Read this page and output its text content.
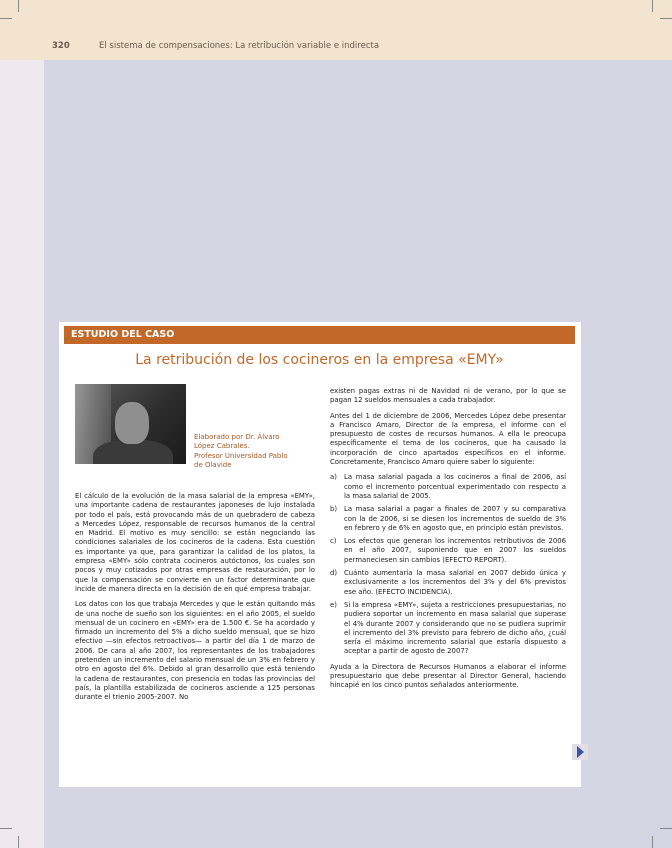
320	El sistema de compensaciones: La retribución variable e indirecta
ESTUDIO DEL CASO
La retribución de los cocineros en la empresa «EMY»
Elaborado por Dr. Álvaro
López Cabrales.
Profesor Universidad Pablo
de Olavide

El cálculo de la evolución de la masa salarial de la empresa «EMY», una importante cadena de restaurantes japoneses de lujo instalada por todo el país, está provocando más de un quebradero de cabeza a Mercedes López, responsable de recursos humanos de la central en Madrid. El motivo es muy sencillo: se están negociando las condiciones salariales de los cocineros de la cadena. Esta cuestión es importante ya que, para garantizar la calidad de los platos, la empresa «EMY» sólo contrata cocineros autóctonos, los cuales son pocos y muy cotizados por otras empresas de restauración, por lo que la compensación se convierte en un factor determinante que incide de manera directa en la decisión de en qué empresa trabajar.

Los datos con los que trabaja Mercedes y que le están quitando más de una noche de sueño son los siguientes: en el año 2005, el sueldo mensual de un cocinero en «EMY» era de 1.500 €. Se ha acordado y firmado un incremento del 5% a dicho sueldo mensual, que se hizo efectivo —sin efectos retroactivos— a partir del día 1 de marzo de 2006. De cara al año 2007, los representantes de los trabajadores pretenden un incremento del salario mensual de un 3% en febrero y otro en agosto del 6%. Debido al gran desarrollo que está teniendo la cadena de restaurantes, con presencia en todas las provincias del país, la plantilla estabilizada de cocineros asciende a 125 personas durante el trienio 2005-2007. No

existen pagas extras ni de Navidad ni de verano, por lo que se pagan 12 sueldos mensuales a cada trabajador.

Antes del 1 de diciembre de 2006, Mercedes López debe presentar a Francisco Amaro, Director de la empresa, el informe con el presupuesto de costes de recursos humanos. A ella le preocupa específicamente el tema de los cocineros, que ha causado la incorporación de cinco apartados específicos en el informe. Concretamente, Francisco Amaro quiere saber lo siguiente:

a) La masa salarial pagada a los cocineros a final de 2006, así como el incremento porcentual experimentado con respecto a la masa salarial de 2005.
b) La masa salarial a pagar a finales de 2007 y su comparativa con la de 2006, si se diesen los incrementos de sueldo de 3% en febrero y de 6% en agosto que, en principio están previstos.
c) Los efectos que generan los incrementos retributivos de 2006 en el año 2007, suponiendo que en 2007 los sueldos permaneciesen sin cambios (EFECTO REPORT).
d) Cuánto aumentaría la masa salarial en 2007 debido única y exclusivamente a los incrementos del 3% y del 6% previstos ese año. (EFECTO INCIDENCIA).
e) Si la empresa «EMY», sujeta a restricciones presupuestarias, no pudiera soportar un incremento en masa salarial que superase el 4% durante 2007 y considerando que no se pudiera suprimir el incremento del 3% previsto para febrero de dicho año, ¿cuál sería el máximo incremento salarial que estaría dispuesto a aceptar a partir de agosto de 2007?

Ayuda a la Directora de Recursos Humanos a elaborar el informe presupuestario que debe presentar al Director General, haciendo hincapié en los cinco puntos señalados anteriormente.
